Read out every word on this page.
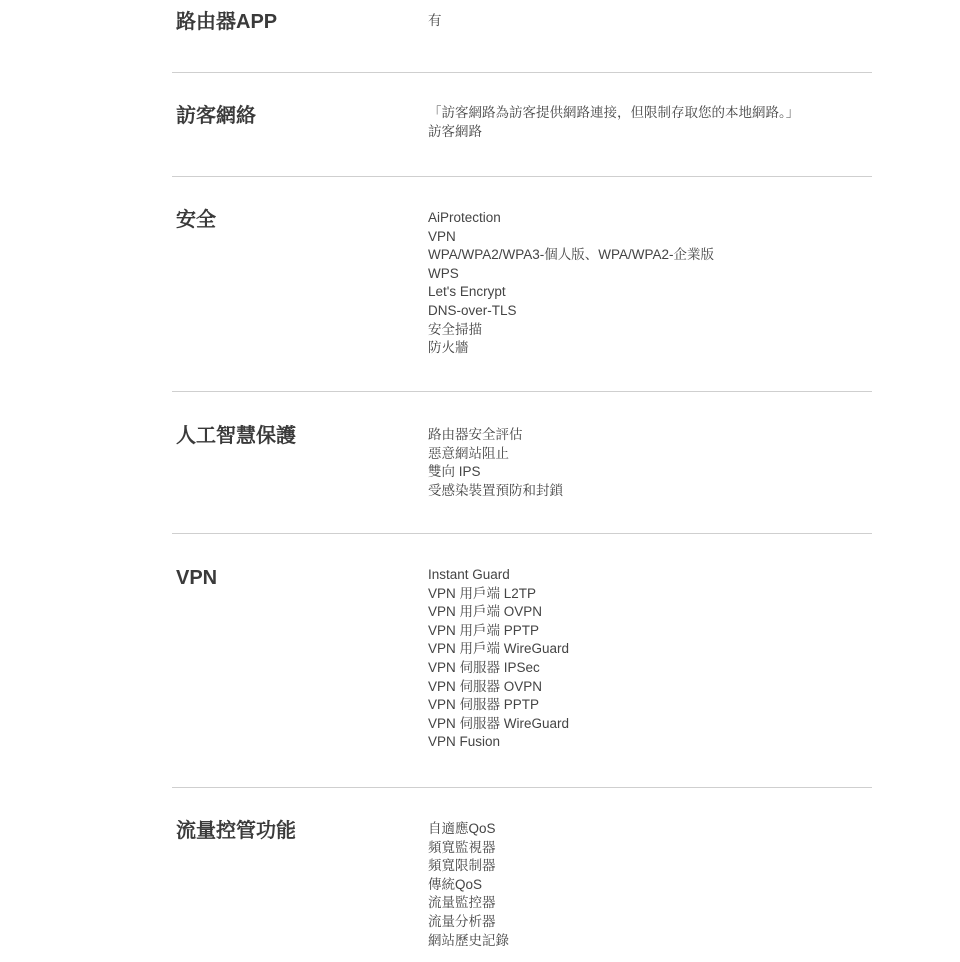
路由器APP	有
訪客網絡	「訪客網路為訪客提供網路連接，但限制存取您的本地網路。」
訪客網路
安全	AiProtection
VPN
WPA/WPA2/WPA3-個人版、WPA/WPA2-企業版
WPS
Let's Encrypt
DNS-over-TLS
安全掃描
防火牆
人工智慧保護	路由器安全評估
惡意網站阻止
雙向 IPS
受感染裝置預防和封鎖
VPN	Instant Guard
VPN 用戶端 L2TP
VPN 用戶端 OVPN
VPN 用戶端 PPTP
VPN 用戶端 WireGuard
VPN 伺服器 IPSec
VPN 伺服器 OVPN
VPN 伺服器 PPTP
VPN 伺服器 WireGuard
VPN Fusion
流量控管功能	自適應QoS
頻寬監視器
頻寬限制器
傳統QoS
流量監控器
流量分析器
網站歷史記錄
